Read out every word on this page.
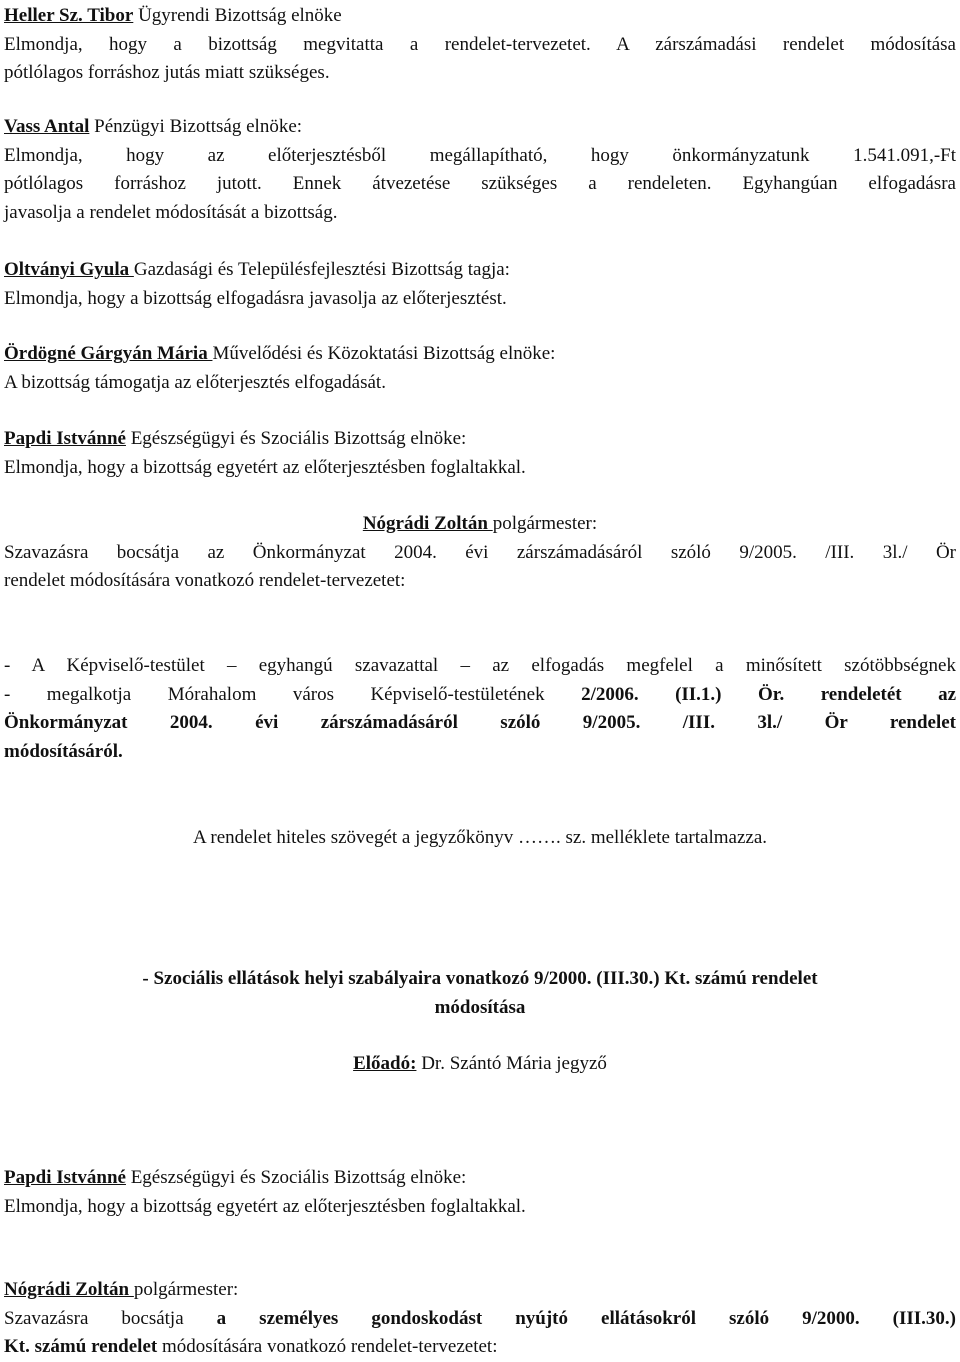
Heller Sz. Tibor Ügyrendi Bizottság elnöke

Elmondja, hogy a bizottság megvitatta a rendelet-tervezetet. A zárszámadási rendelet módosítása

pótlólagos forráshoz jutás miatt szükséges.

Vass Antal Pénzügyi Bizottság elnöke:

Elmondja, hogy az előterjesztésből megállapítható, hogy önkormányzatunk 1.541.091,-Ft

pótlólagos forráshoz jutott. Ennek átvezetése szükséges a rendeleten. Egyhangúan elfogadásra

javasolja a rendelet módosítását a bizottság.

Oltványi Gyula Gazdasági és Településfejlesztési Bizottság tagja:

Elmondja, hogy a bizottság elfogadásra javasolja az előterjesztést.

Ördögné Gárgyán Mária Művelődési és Közoktatási Bizottság elnöke:

A bizottság támogatja az előterjesztés elfogadását.

Papdi Istvánné Egészségügyi és Szociális Bizottság elnöke:

Elmondja, hogy a bizottság egyetért az előterjesztésben foglaltakkal.

Nógrádi Zoltán polgármester:

Szavazásra bocsátja az Önkormányzat 2004. évi zárszámadásáról szóló 9/2005. /III. 3l./ Ör

rendelet módosítására vonatkozó rendelet-tervezetet:

- A Képviselő-testület – egyhangú szavazattal – az elfogadás megfelel a minősített szótöbbségnek

- megalkotja Mórahalom város Képviselő-testületének 2/2006. (II.1.) Ör. rendeletét az

Önkormányzat 2004. évi zárszámadásáról szóló 9/2005. /III. 3l./ Ör rendelet

módosításáról.

A rendelet hiteles szövegét a jegyzőkönyv ……. sz. melléklete tartalmazza.

- Szociális ellátások helyi szabályaira vonatkozó 9/2000. (III.30.) Kt. számú rendelet

módosítása

Előadó: Dr. Szántó Mária jegyző

Papdi Istvánné Egészségügyi és Szociális Bizottság elnöke:

Elmondja, hogy a bizottság egyetért az előterjesztésben foglaltakkal.

Nógrádi Zoltán polgármester:

Szavazásra bocsátja a személyes gondoskodást nyújtó ellátásokról szóló 9/2000. (III.30.)

Kt. számú rendelet módosítására vonatkozó rendelet-tervezetet:
